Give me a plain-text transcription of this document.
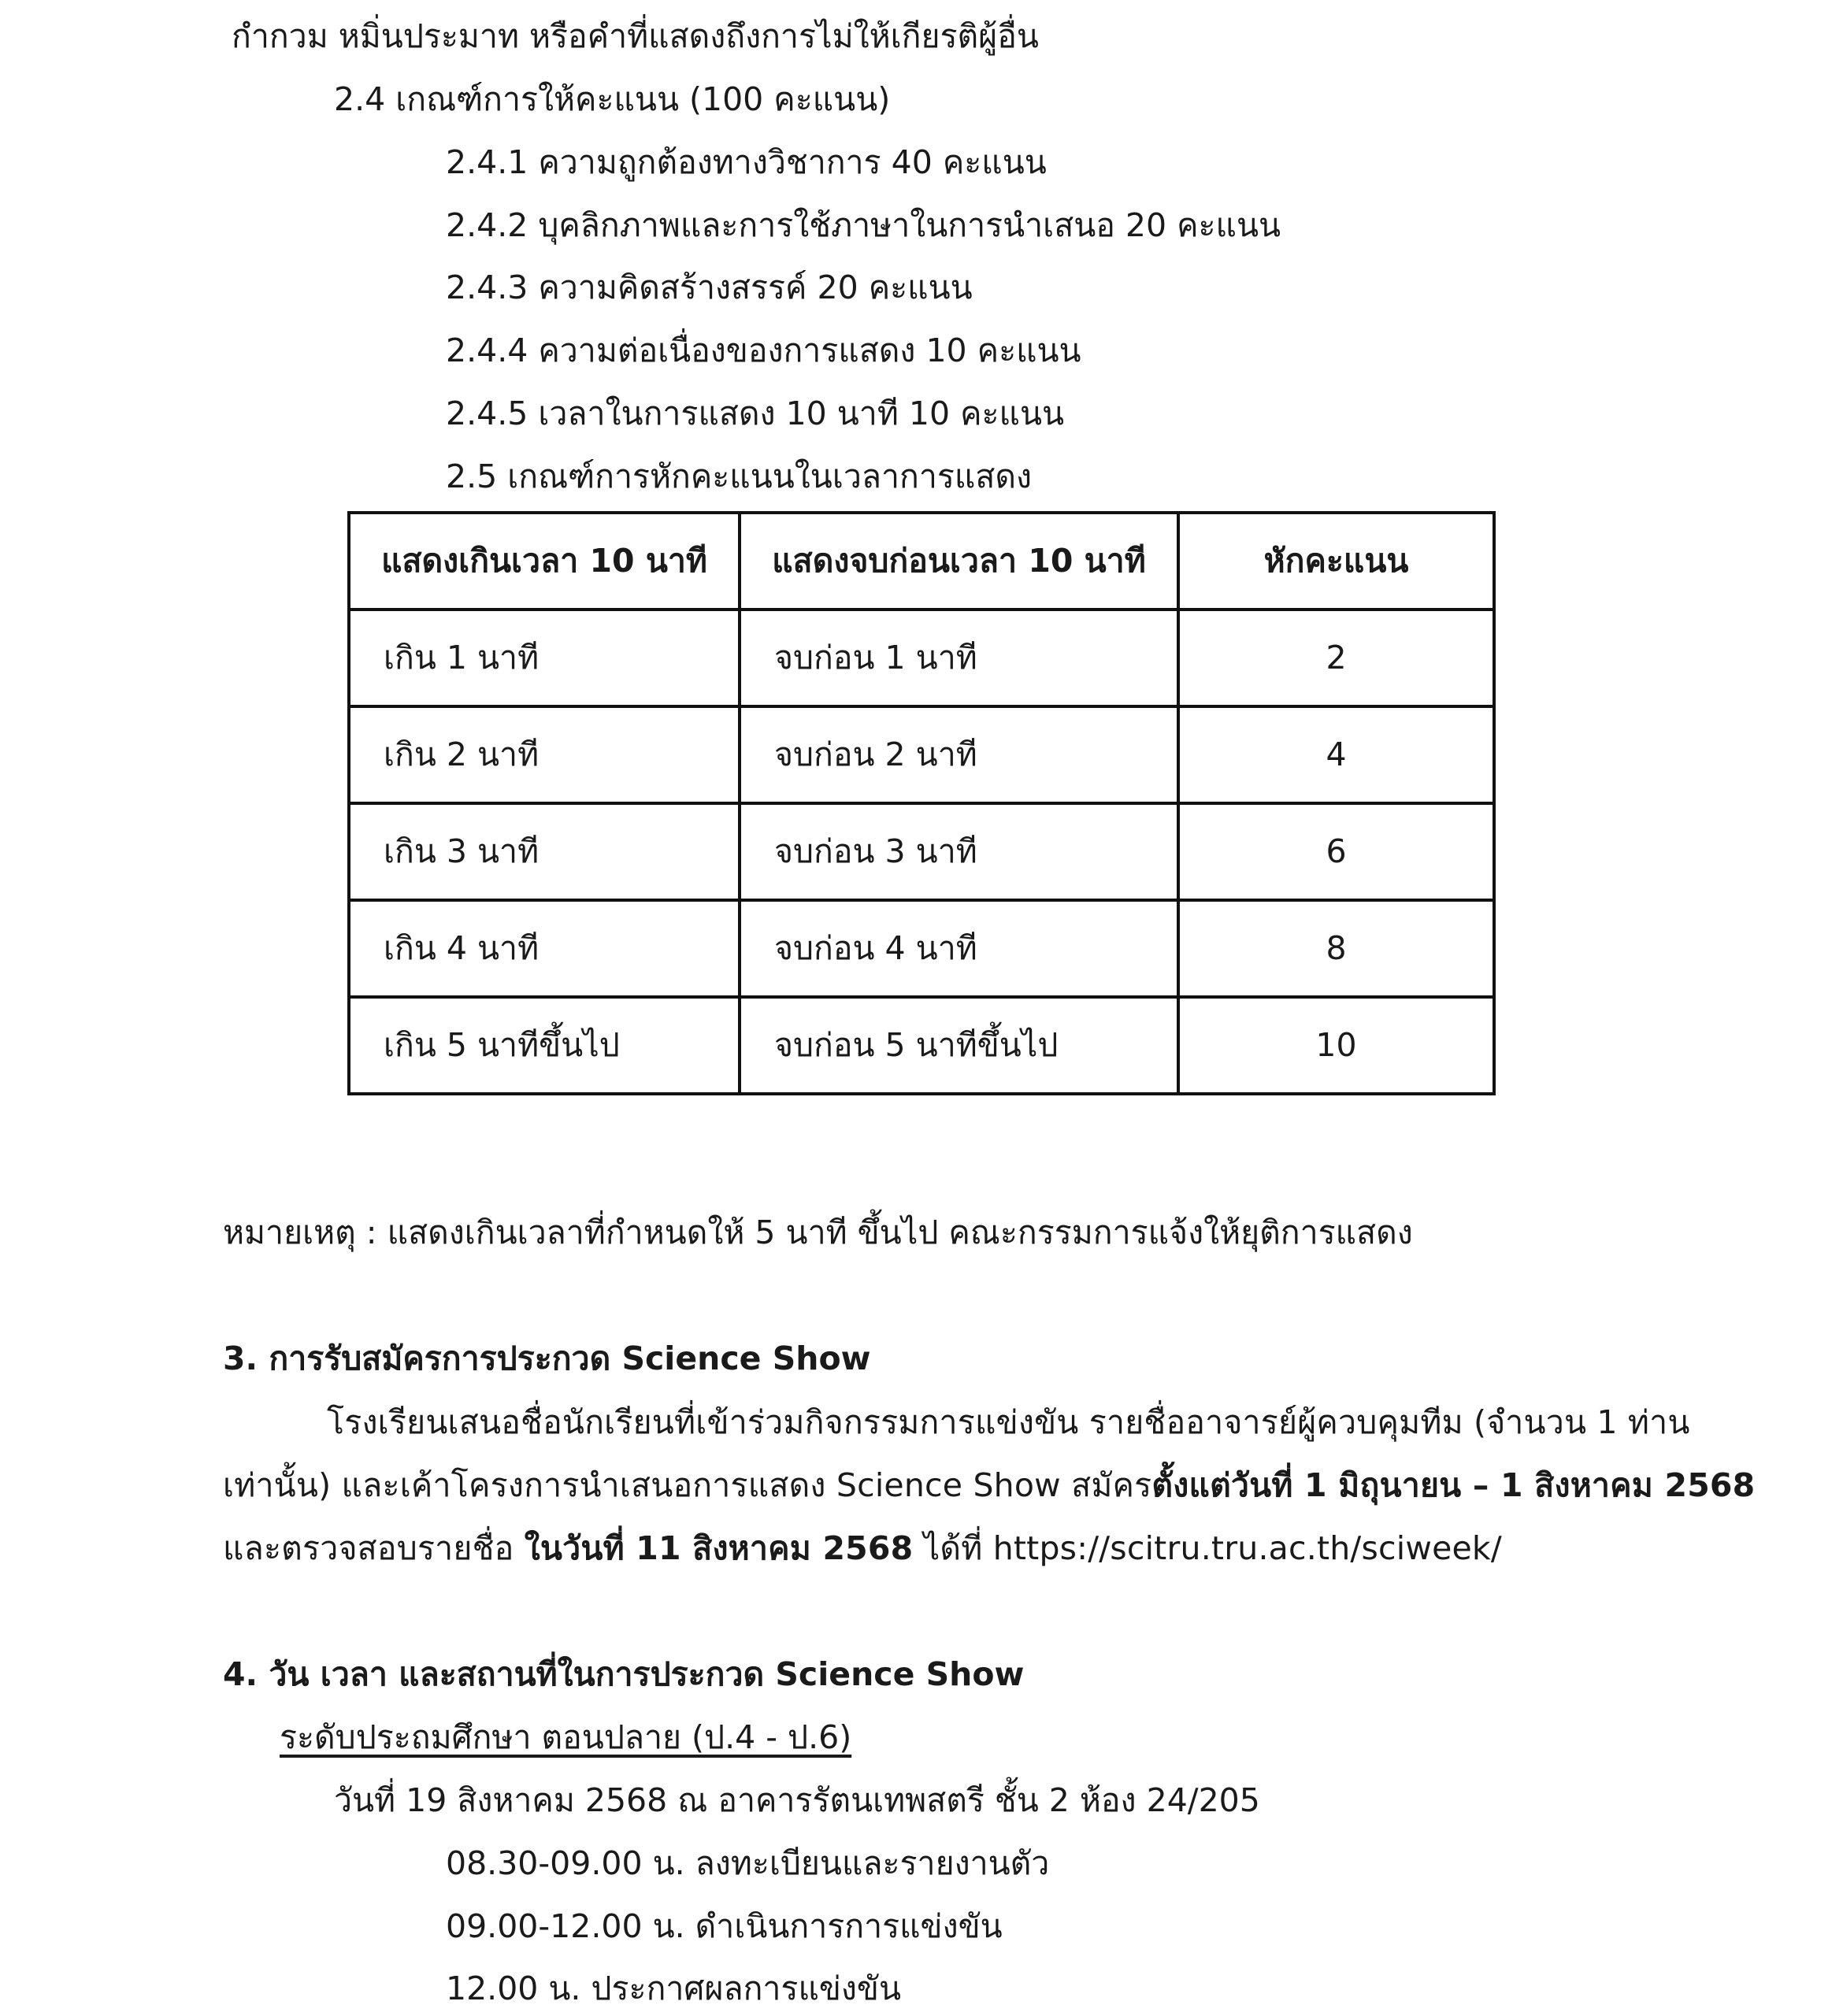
กำกวม หมิ่นประมาท หรือคำที่แสดงถึงการไม่ให้เกียรติผู้อื่น
2.4 เกณฑ์การให้คะแนน (100 คะแนน)
2.4.1 ความถูกต้องทางวิชาการ 40 คะแนน
2.4.2 บุคลิกภาพและการใช้ภาษาในการนำเสนอ 20 คะแนน
2.4.3 ความคิดสร้างสรรค์ 20 คะแนน
2.4.4 ความต่อเนื่องของการแสดง 10 คะแนน
2.4.5 เวลาในการแสดง 10 นาที 10 คะแนน
2.5 เกณฑ์การหักคะแนนในเวลาการแสดง
แสดงเกินเวลา 10 นาที	แสดงจบก่อนเวลา 10 นาที	หักคะแนน
เกิน 1 นาที	จบก่อน 1 นาที	2
เกิน 2 นาที	จบก่อน 2 นาที	4
เกิน 3 นาที	จบก่อน 3 นาที	6
เกิน 4 นาที	จบก่อน 4 นาที	8
เกิน 5 นาทีขึ้นไป	จบก่อน 5 นาทีขึ้นไป	10
หมายเหตุ : แสดงเกินเวลาที่กำหนดให้ 5 นาที ขึ้นไป คณะกรรมการแจ้งให้ยุติการแสดง
3. การรับสมัครการประกวด Science Show
โรงเรียนเสนอชื่อนักเรียนที่เข้าร่วมกิจกรรมการแข่งขัน รายชื่ออาจารย์ผู้ควบคุมทีม (จำนวน 1 ท่าน
เท่านั้น) และเค้าโครงการนำเสนอการแสดง Science Show สมัคร ตั้งแต่วันที่ 1 มิถุนายน – 1 สิงหาคม 2568
และตรวจสอบรายชื่อ ในวันที่ 11 สิงหาคม 2568 ได้ที่ https://scitru.tru.ac.th/sciweek/
4. วัน เวลา และสถานที่ในการประกวด Science Show
ระดับประถมศึกษา ตอนปลาย (ป.4 - ป.6)
วันที่ 19 สิงหาคม 2568 ณ อาคารรัตนเทพสตรี ชั้น 2 ห้อง 24/205
08.30-09.00 น. ลงทะเบียนและรายงานตัว
09.00-12.00 น. ดำเนินการการแข่งขัน
12.00 น. ประกาศผลการแข่งขัน
